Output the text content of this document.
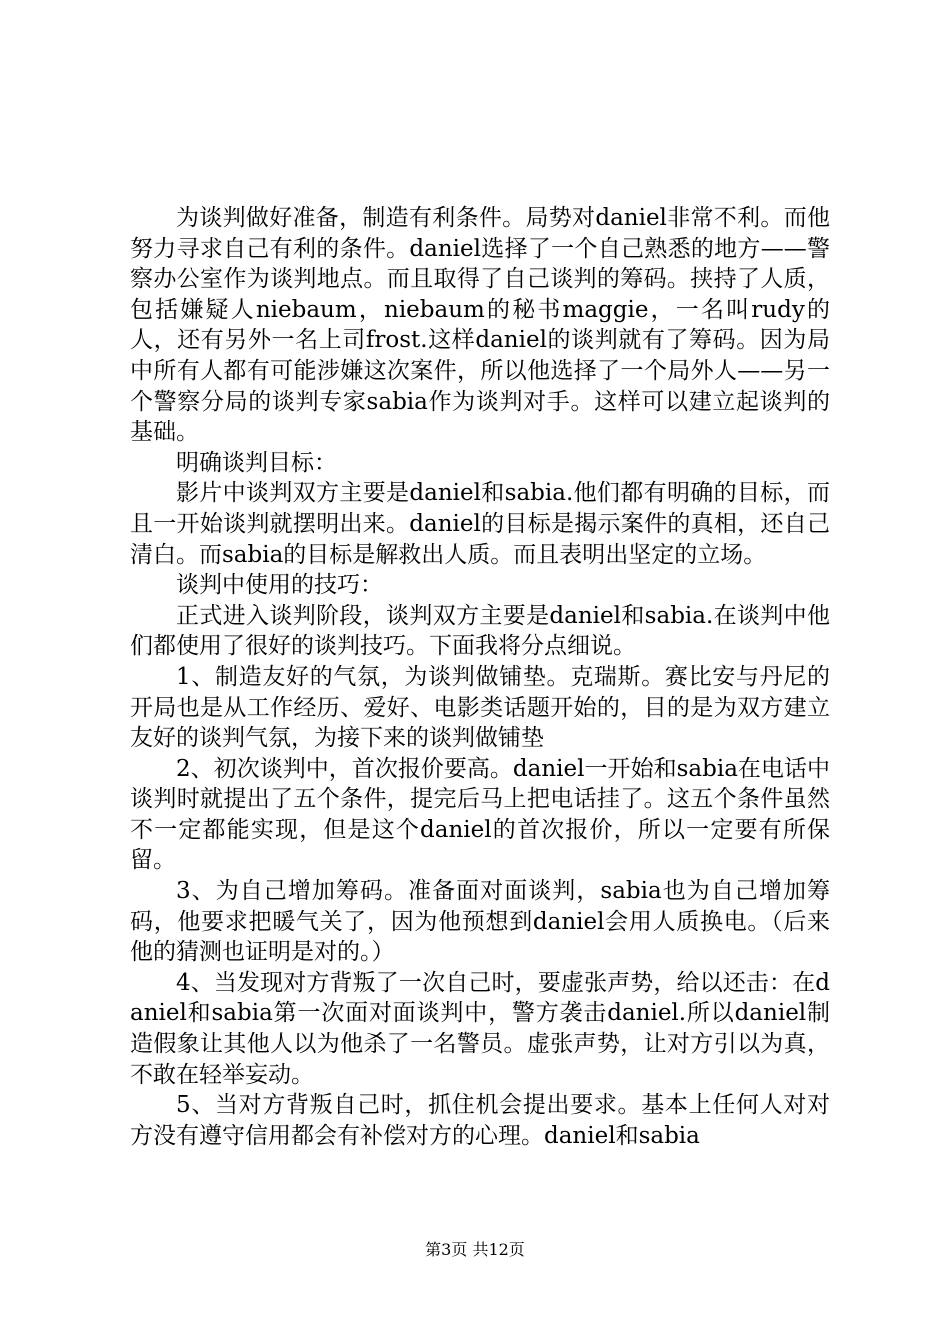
为谈判做好准备，制造有利条件。局势对daniel非常不利。而他努力寻求自己有利的条件。daniel选择了一个自己熟悉的地方——警察办公室作为谈判地点。而且取得了自己谈判的筹码。挟持了人质，包括嫌疑人niebaum，niebaum的秘书maggie，一名叫rudy的人，还有另外一名上司frost.这样daniel的谈判就有了筹码。因为局中所有人都有可能涉嫌这次案件，所以他选择了一个局外人——另一个警察分局的谈判专家sabia作为谈判对手。这样可以建立起谈判的基础。

明确谈判目标：

影片中谈判双方主要是daniel和sabia.他们都有明确的目标，而且一开始谈判就摆明出来。daniel的目标是揭示案件的真相，还自己清白。而sabia的目标是解救出人质。而且表明出坚定的立场。

谈判中使用的技巧：

正式进入谈判阶段，谈判双方主要是daniel和sabia.在谈判中他们都使用了很好的谈判技巧。下面我将分点细说。

1、制造友好的气氛，为谈判做铺垫。克瑞斯。赛比安与丹尼的开局也是从工作经历、爱好、电影类话题开始的，目的是为双方建立友好的谈判气氛，为接下来的谈判做铺垫

2、初次谈判中，首次报价要高。daniel一开始和sabia在电话中谈判时就提出了五个条件，提完后马上把电话挂了。这五个条件虽然不一定都能实现，但是这个daniel的首次报价，所以一定要有所保留。

3、为自己增加筹码。准备面对面谈判，sabia也为自己增加筹码，他要求把暖气关了，因为他预想到daniel会用人质换电。（后来他的猜测也证明是对的。）

4、当发现对方背叛了一次自己时，要虚张声势，给以还击：在daniel和sabia第一次面对面谈判中，警方袭击daniel.所以daniel制造假象让其他人以为他杀了一名警员。虚张声势，让对方引以为真，不敢在轻举妄动。

5、当对方背叛自己时，抓住机会提出要求。基本上任何人对对方没有遵守信用都会有补偿对方的心理。daniel和sabia

第3页 共12页
